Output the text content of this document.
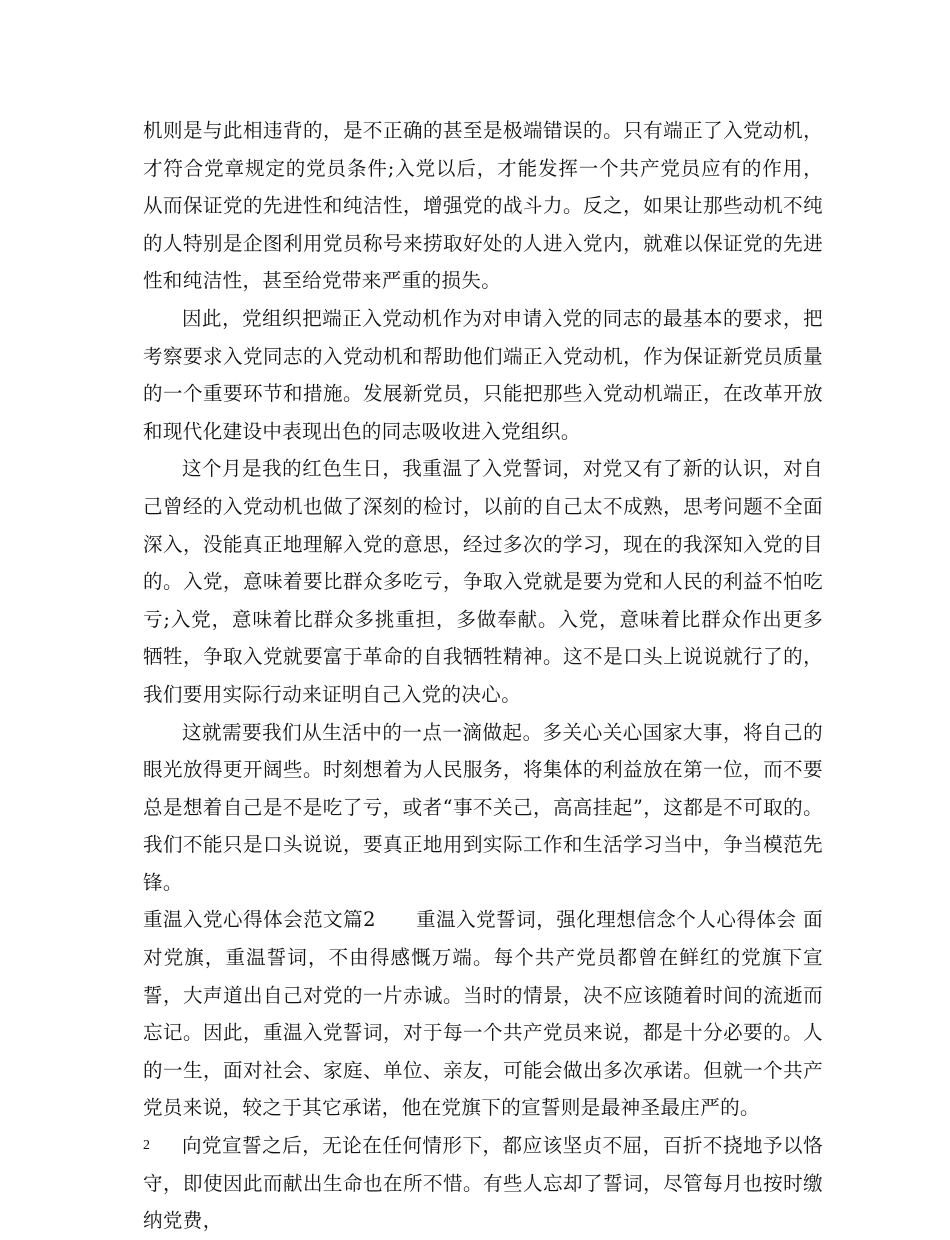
机则是与此相违背的，是不正确的甚至是极端错误的。只有端正了入党动机，才符合党章规定的党员条件;入党以后，才能发挥一个共产党员应有的作用，从而保证党的先进性和纯洁性，增强党的战斗力。反之，如果让那些动机不纯的人特别是企图利用党员称号来捞取好处的人进入党内，就难以保证党的先进性和纯洁性，甚至给党带来严重的损失。

因此，党组织把端正入党动机作为对申请入党的同志的最基本的要求，把考察要求入党同志的入党动机和帮助他们端正入党动机，作为保证新党员质量的一个重要环节和措施。发展新党员，只能把那些入党动机端正，在改革开放和现代化建设中表现出色的同志吸收进入党组织。

这个月是我的红色生日，我重温了入党誓词，对党又有了新的认识，对自己曾经的入党动机也做了深刻的检讨，以前的自己太不成熟，思考问题不全面深入，没能真正地理解入党的意思，经过多次的学习，现在的我深知入党的目的。入党，意味着要比群众多吃亏，争取入党就是要为党和人民的利益不怕吃亏;入党，意味着比群众多挑重担，多做奉献。入党，意味着比群众作出更多牺牲，争取入党就要富于革命的自我牺牲精神。这不是口头上说说就行了的，我们要用实际行动来证明自己入党的决心。

这就需要我们从生活中的一点一滴做起。多关心关心国家大事，将自己的眼光放得更开阔些。时刻想着为人民服务，将集体的利益放在第一位，而不要总是想着自己是不是吃了亏，或者“事不关己，高高挂起”，这都是不可取的。我们不能只是口头说说，要真正地用到实际工作和生活学习当中，争当模范先锋。

重温入党心得体会范文篇2　　重温入党誓词，强化理想信念个人心得体会 面对党旗，重温誓词，不由得感慨万端。每个共产党员都曾在鲜红的党旗下宣誓，大声道出自己对党的一片赤诚。当时的情景，决不应该随着时间的流逝而忘记。因此，重温入党誓词，对于每一个共产党员来说，都是十分必要的。人的一生，面对社会、家庭、单位、亲友，可能会做出多次承诺。但就一个共产党员来说，较之于其它承诺，他在党旗下的宣誓则是最神圣最庄严的。

向党宣誓之后，无论在任何情形下，都应该坚贞不屈，百折不挠地予以恪守，即使因此而献出生命也在所不惜。有些人忘却了誓词，尽管每月也按时缴纳党费，

2
